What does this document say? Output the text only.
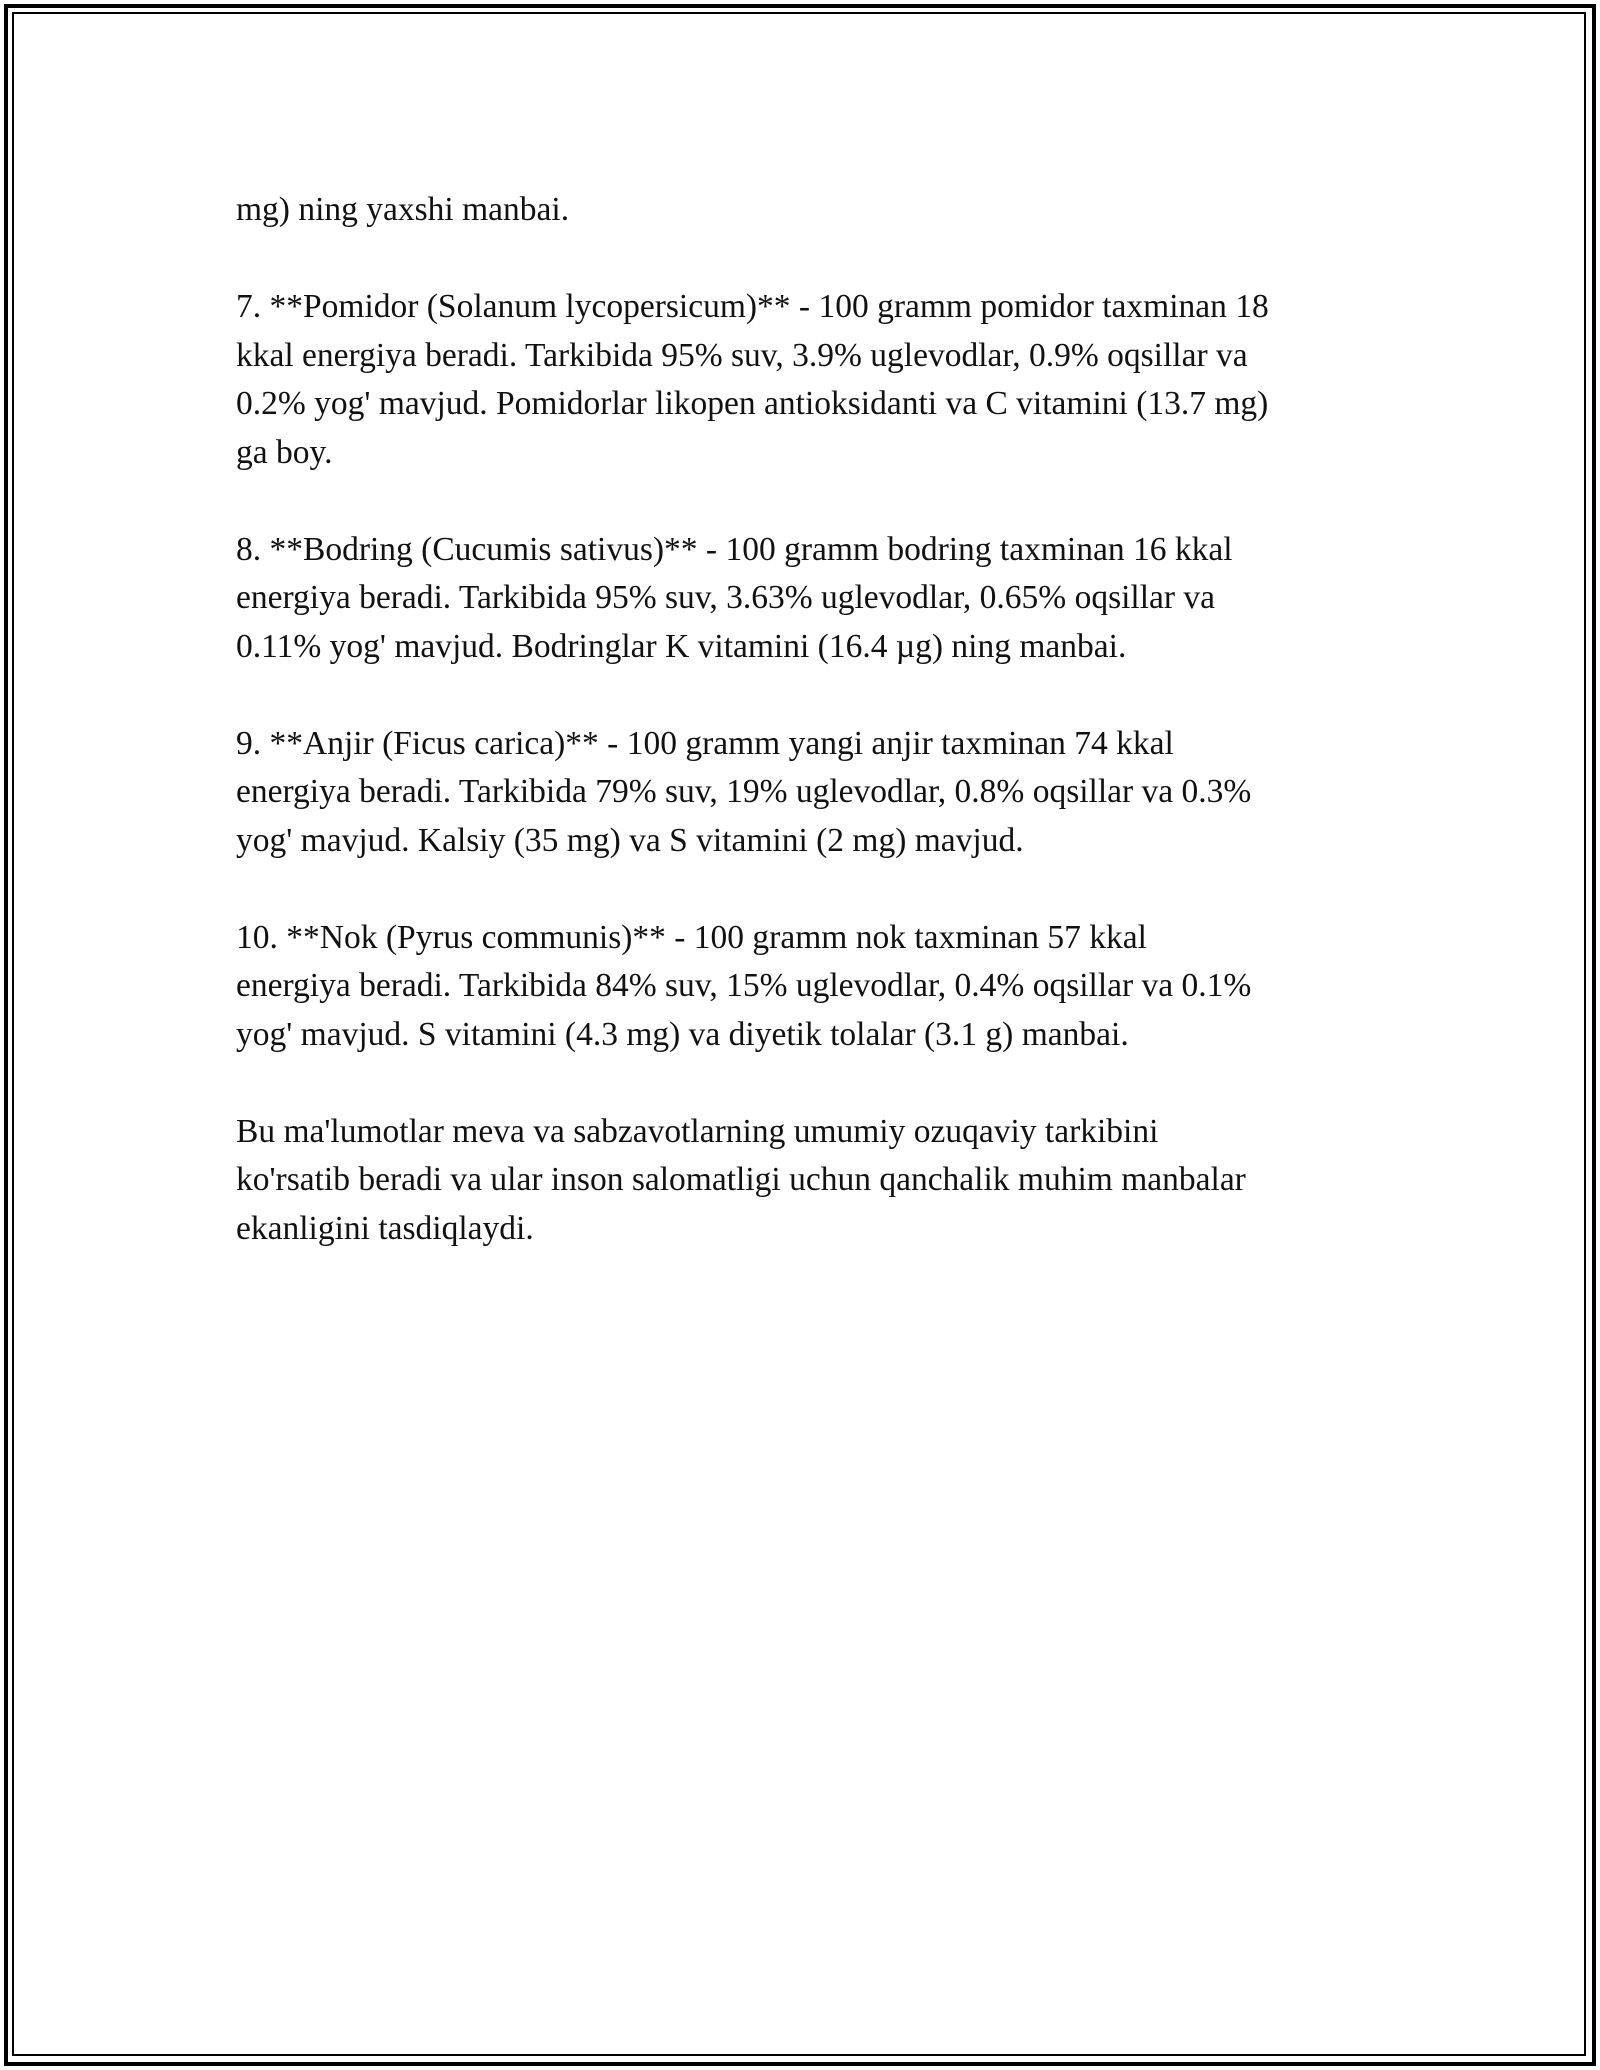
mg) ning yaxshi manbai.

7. **Pomidor (Solanum lycopersicum)** - 100 gramm pomidor taxminan 18
kkal energiya beradi. Tarkibida 95% suv, 3.9% uglevodlar, 0.9% oqsillar va
0.2% yog' mavjud. Pomidorlar likopen antioksidanti va C vitamini (13.7 mg)
ga boy.

8. **Bodring (Cucumis sativus)** - 100 gramm bodring taxminan 16 kkal
energiya beradi. Tarkibida 95% suv, 3.63% uglevodlar, 0.65% oqsillar va
0.11% yog' mavjud. Bodringlar K vitamini (16.4 µg) ning manbai.

9. **Anjir (Ficus carica)** - 100 gramm yangi anjir taxminan 74 kkal
energiya beradi. Tarkibida 79% suv, 19% uglevodlar, 0.8% oqsillar va 0.3%
yog' mavjud. Kalsiy (35 mg) va S vitamini (2 mg) mavjud.

10. **Nok (Pyrus communis)** - 100 gramm nok taxminan 57 kkal
energiya beradi. Tarkibida 84% suv, 15% uglevodlar, 0.4% oqsillar va 0.1%
yog' mavjud. S vitamini (4.3 mg) va diyetik tolalar (3.1 g) manbai.

Bu ma'lumotlar meva va sabzavotlarning umumiy ozuqaviy tarkibini
ko'rsatib beradi va ular inson salomatligi uchun qanchalik muhim manbalar
ekanligini tasdiqlaydi.
